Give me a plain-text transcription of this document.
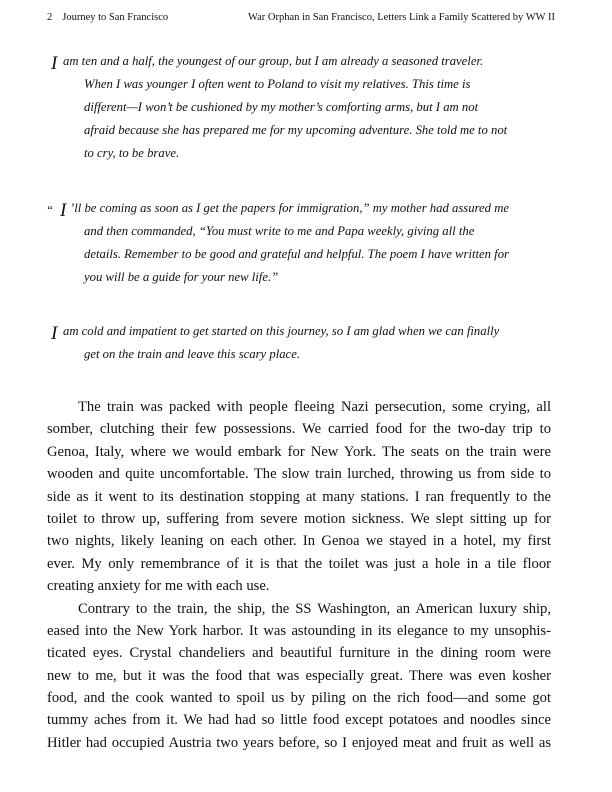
2 Journey to San Francisco	War Orphan in San Francisco, Letters Link a Family Scattered by WW II
I am ten and a half, the youngest of our group, but I am already a seasoned traveler.
When I was younger I often went to Poland to visit my relatives. This time is
different—I won’t be cushioned by my mother’s comforting arms, but I am not
afraid because she has prepared me for my upcoming adventure. She told me to not
to cry, to be brave.
“ I ’ll be coming as soon as I get the papers for immigration,” my mother had assured me
and then commanded, “You must write to me and Papa weekly, giving all the
details. Remember to be good and grateful and helpful. The poem I have written for
you will be a guide for your new life.”
I am cold and impatient to get started on this journey, so I am glad when we can finally
get on the train and leave this scary place.
The train was packed with people fleeing Nazi persecution, some crying, all
somber, clutching their few possessions. We carried food for the two-day trip to
Genoa, Italy, where we would embark for New York. The seats on the train were
wooden and quite uncomfortable. The slow train lurched, throwing us from side to
side as it went to its destination stopping at many stations. I ran frequently to the
toilet to throw up, suffering from severe motion sickness. We slept sitting up for
two nights, likely leaning on each other. In Genoa we stayed in a hotel, my first
ever. My only remembrance of it is that the toilet was just a hole in a tile floor
creating anxiety for me with each use.
Contrary to the train, the ship, the SS Washington, an American luxury ship,
eased into the New York harbor. It was astounding in its elegance to my unsophis-
ticated eyes. Crystal chandeliers and beautiful furniture in the dining room were
new to me, but it was the food that was especially great. There was even kosher
food, and the cook wanted to spoil us by piling on the rich food—and some got
tummy aches from it. We had had so little food except potatoes and noodles since
Hitler had occupied Austria two years before, so I enjoyed meat and fruit as well as
